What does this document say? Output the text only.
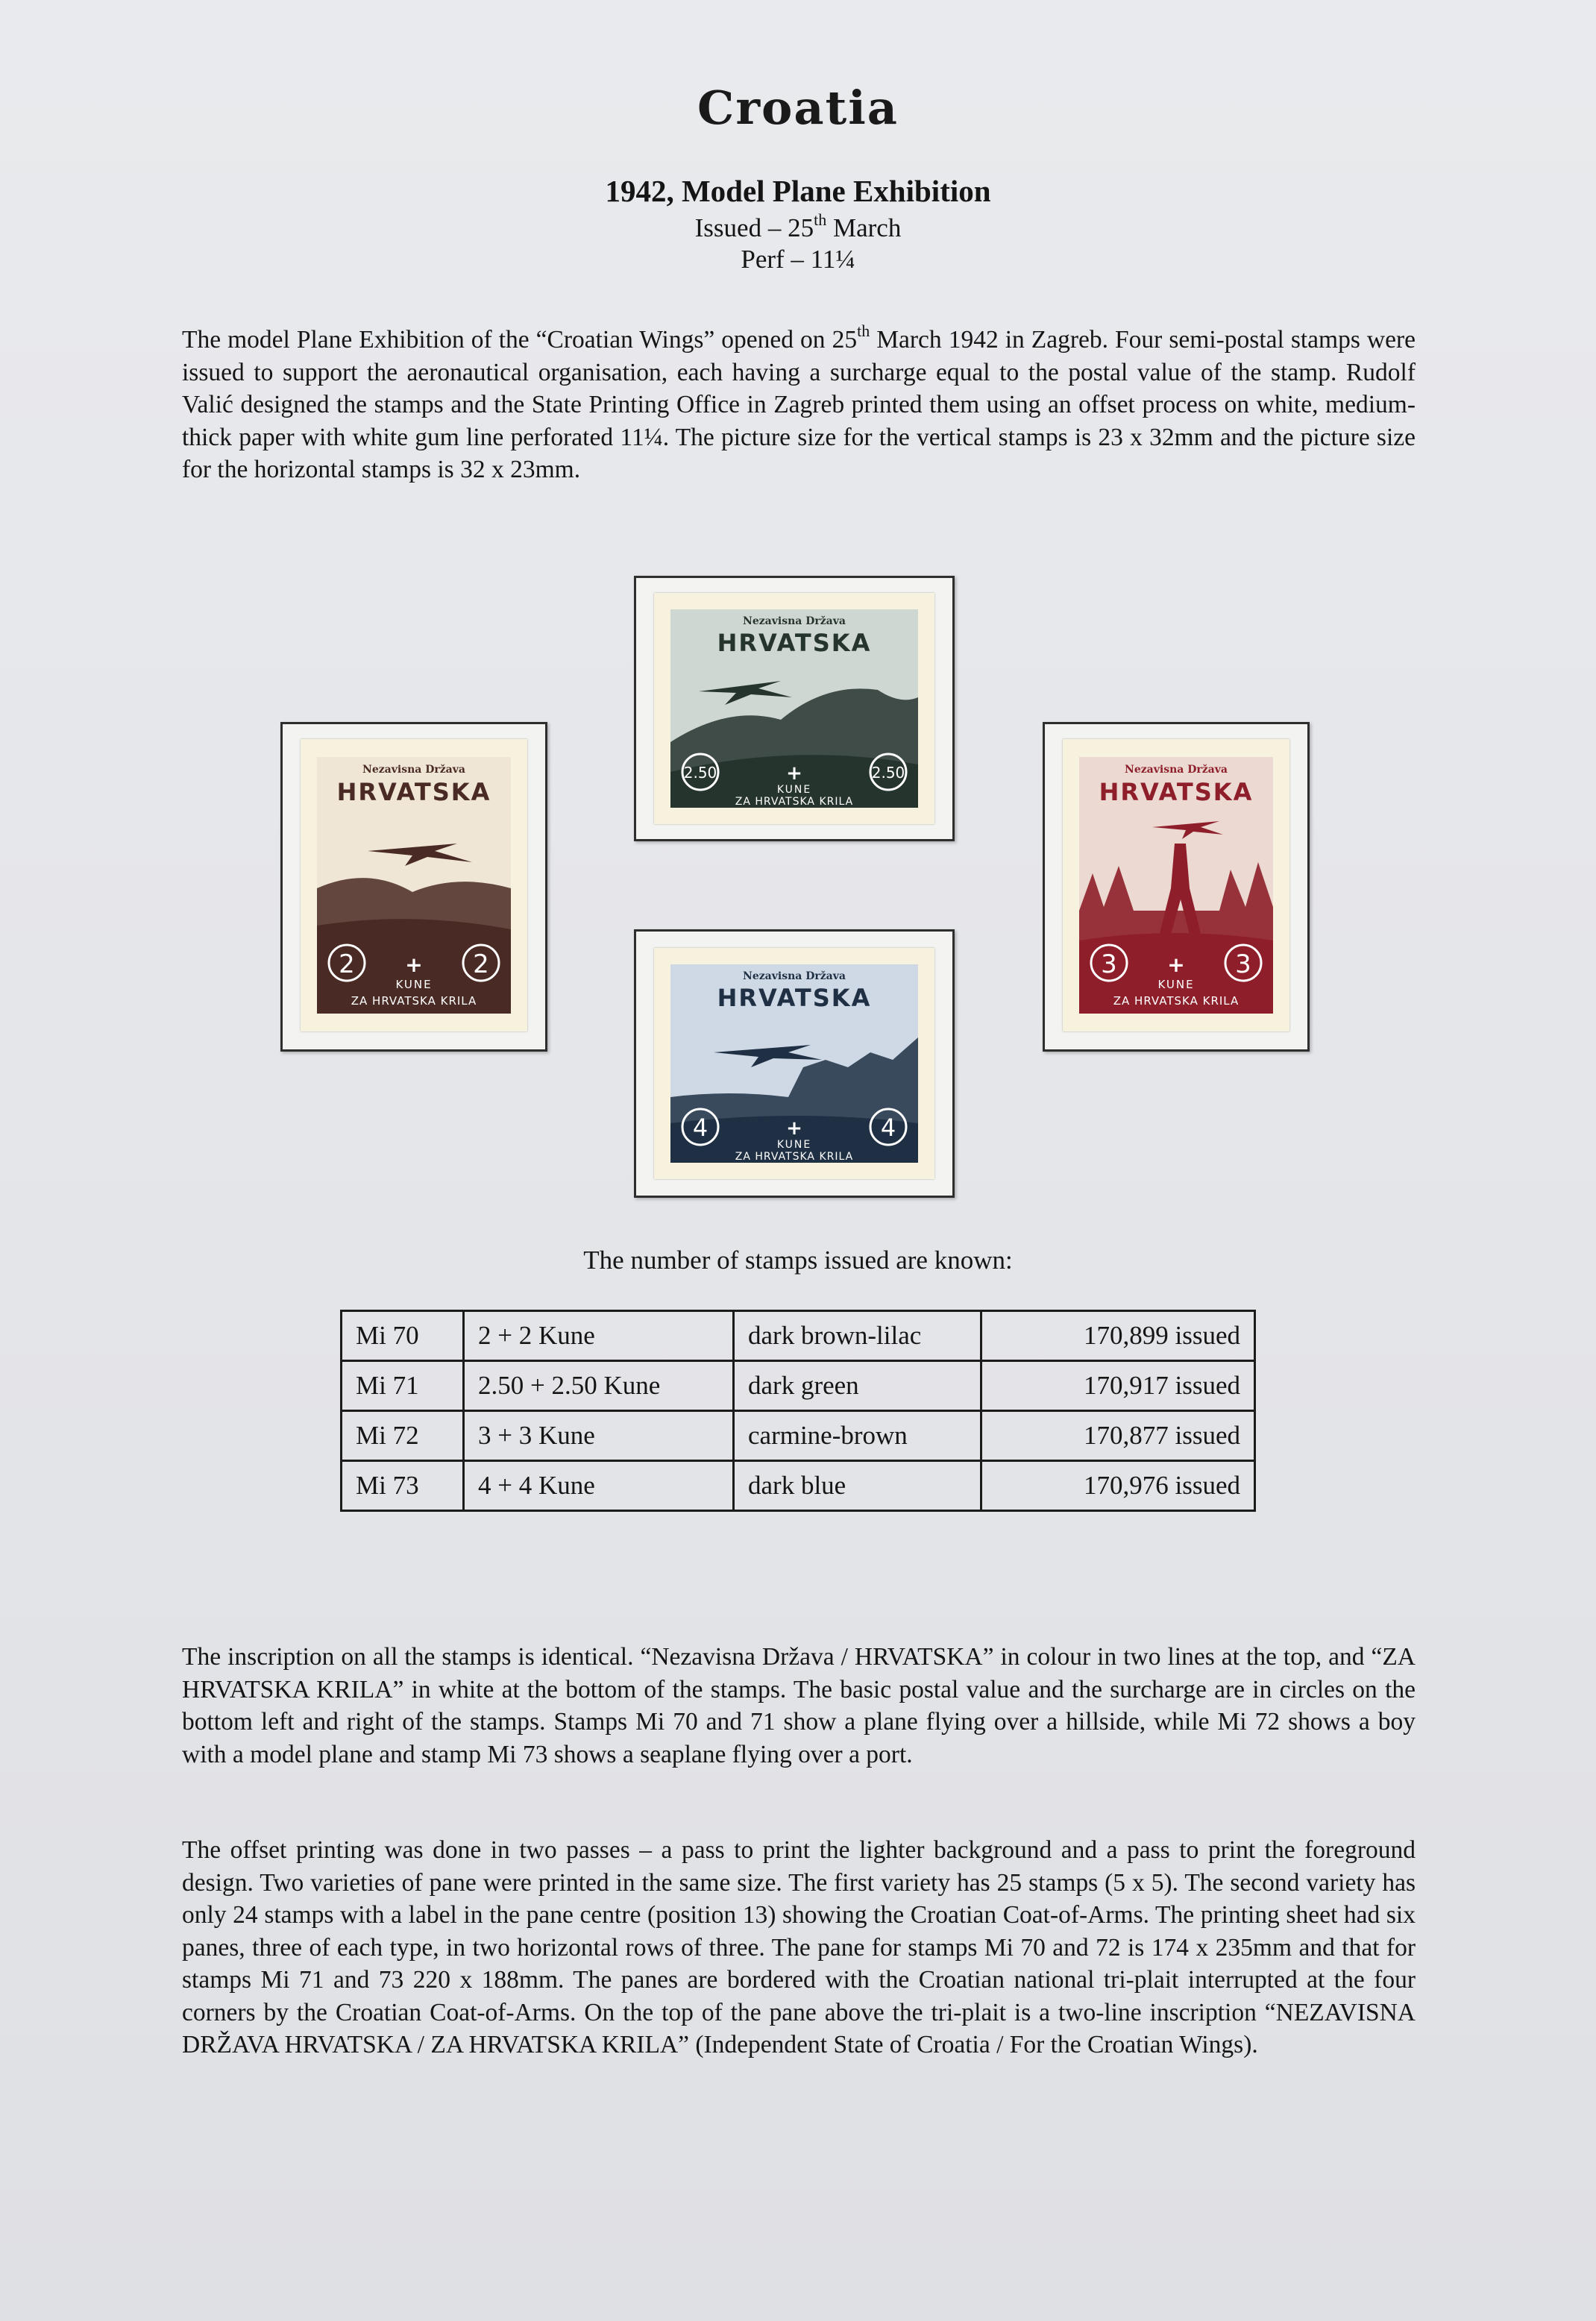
Croatia
1942, Model Plane Exhibition
Issued – 25th March
Perf – 11¼
The model Plane Exhibition of the “Croatian Wings” opened on 25th March 1942 in Zagreb. Four semi-postal stamps were issued to support the aeronautical organisation, each having a surcharge equal to the postal value of the stamp. Rudolf Valić designed the stamps and the State Printing Office in Zagreb printed them using an offset process on white, medium-thick paper with white gum line perforated 11¼. The picture size for the vertical stamps is 23 x 32mm and the picture size for the horizontal stamps is 32 x 23mm.
Nezavisna Država
HRVATSKA
2	2
+
KUNE
ZA HRVATSKA KRILA
Nezavisna Država
HRVATSKA
2.50	2.50
+
KUNE
ZA HRVATSKA KRILA
Nezavisna Država
HRVATSKA
3	3
+
KUNE
ZA HRVATSKA KRILA
Nezavisna Država
HRVATSKA
4	4
+
KUNE
ZA HRVATSKA KRILA
The number of stamps issued are known:
Mi 70	2 + 2 Kune	dark brown-lilac	170,899 issued
Mi 71	2.50 + 2.50 Kune	dark green	170,917 issued
Mi 72	3 + 3 Kune	carmine-brown	170,877 issued
Mi 73	4 + 4 Kune	dark blue	170,976 issued
The inscription on all the stamps is identical. “Nezavisna Država / HRVATSKA” in colour in two lines at the top, and “ZA HRVATSKA KRILA” in white at the bottom of the stamps. The basic postal value and the surcharge are in circles on the bottom left and right of the stamps. Stamps Mi 70 and 71 show a plane flying over a hillside, while Mi 72 shows a boy with a model plane and stamp Mi 73 shows a seaplane flying over a port.
The offset printing was done in two passes – a pass to print the lighter background and a pass to print the foreground design. Two varieties of pane were printed in the same size. The first variety has 25 stamps (5 x 5). The second variety has only 24 stamps with a label in the pane centre (position 13) showing the Croatian Coat-of-Arms. The printing sheet had six panes, three of each type, in two horizontal rows of three. The pane for stamps Mi 70 and 72 is 174 x 235mm and that for stamps Mi 71 and 73 220 x 188mm. The panes are bordered with the Croatian national tri-plait interrupted at the four corners by the Croatian Coat-of-Arms. On the top of the pane above the tri-plait is a two-line inscription “NEZAVISNA DRŽAVA HRVATSKA / ZA HRVATSKA KRILA” (Independent State of Croatia / For the Croatian Wings).
